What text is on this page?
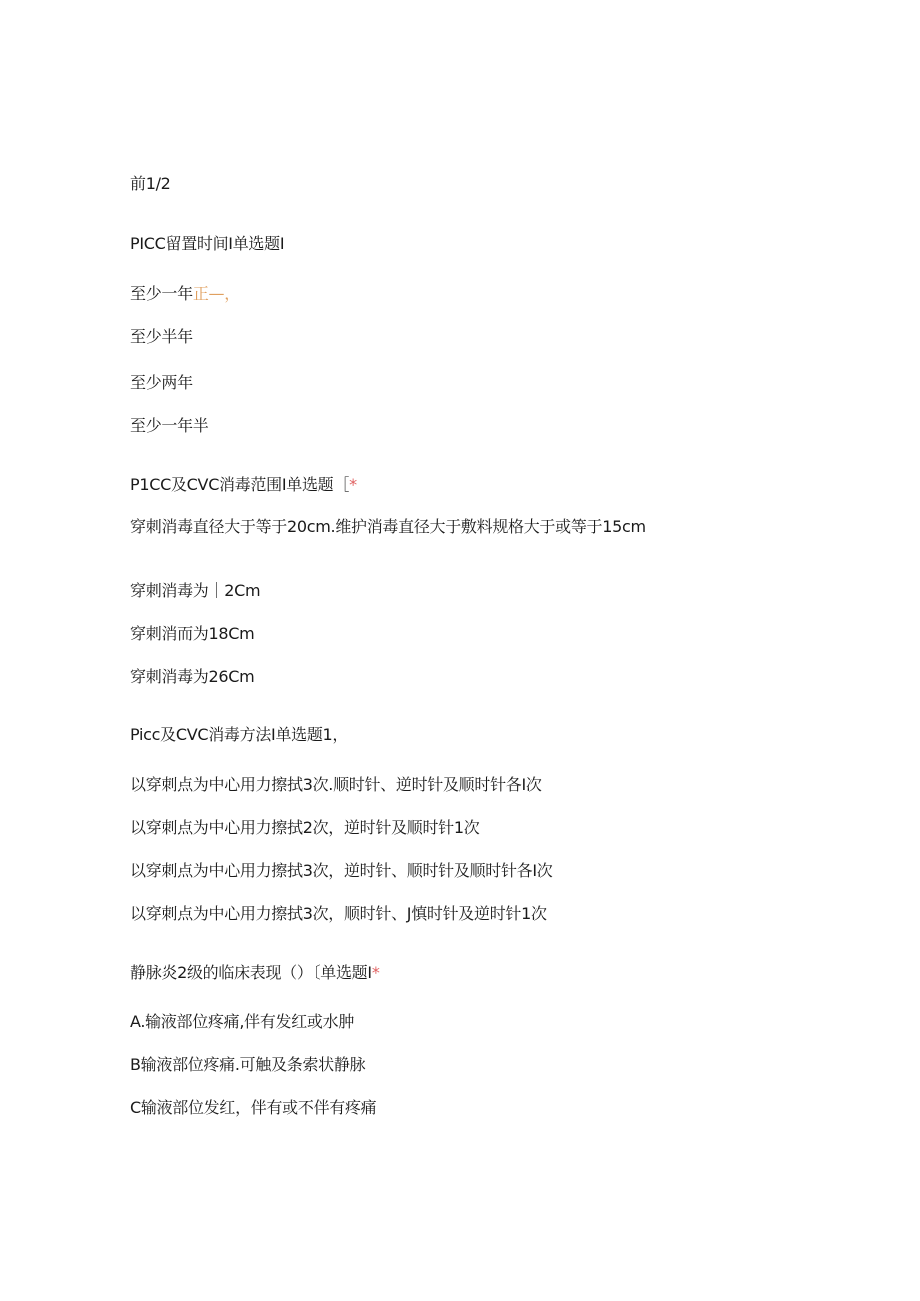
前1/2
PICC留置时间I单选题I
至少一年正—，
至少半年
至少两年
至少一年半
P1CC及CVC消毒范围I单选题［*
穿刺消毒直径大于等于20cm.维护消毒直径大于敷料规格大于或等于15cm
穿刺消毒为｜2Cm
穿刺消而为18Cm
穿刺消毒为26Cm
Picc及CVC消毒方法I单选题1，
以穿刺点为中心用力擦拭3次.顺时针、逆时针及顺时针各I次
以穿刺点为中心用力擦拭2次，逆时针及顺时针1次
以穿刺点为中心用力擦拭3次，逆时针、顺时针及顺时针各I次
以穿刺点为中心用力擦拭3次，顺时针、J慎时针及逆时针1次
静脉炎2级的临床表现（）〔单选题I*
A.输液部位疼痛,伴有发红或水肿
B输液部位疼痛.可触及条索状静脉
C输液部位发红，伴有或不伴有疼痛
